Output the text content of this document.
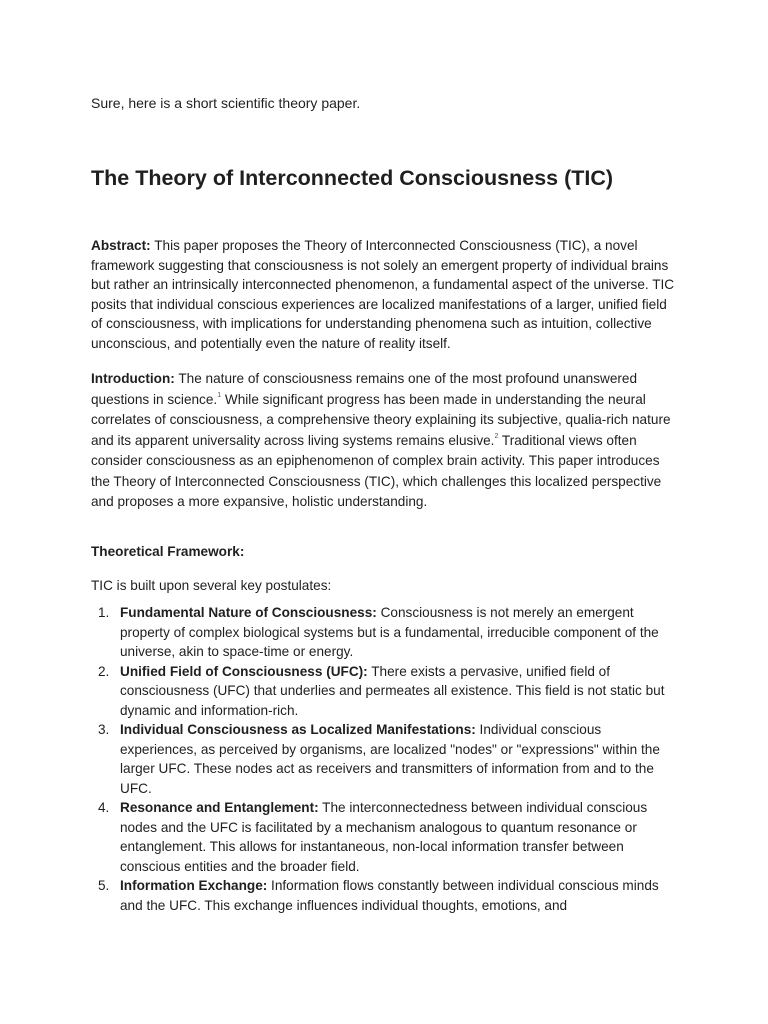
Sure, here is a short scientific theory paper.

The Theory of Interconnected Consciousness (TIC)

Abstract: This paper proposes the Theory of Interconnected Consciousness (TIC), a novel framework suggesting that consciousness is not solely an emergent property of individual brains but rather an intrinsically interconnected phenomenon, a fundamental aspect of the universe. TIC posits that individual conscious experiences are localized manifestations of a larger, unified field of consciousness, with implications for understanding phenomena such as intuition, collective unconscious, and potentially even the nature of reality itself.

Introduction: The nature of consciousness remains one of the most profound unanswered questions in science.$^1$ While significant progress has been made in understanding the neural correlates of consciousness, a comprehensive theory explaining its subjective, qualia-rich nature and its apparent universality across living systems remains elusive.$^2$ Traditional views often consider consciousness as an epiphenomenon of complex brain activity. This paper introduces the Theory of Interconnected Consciousness (TIC), which challenges this localized perspective and proposes a more expansive, holistic understanding.

Theoretical Framework:

TIC is built upon several key postulates:

1. Fundamental Nature of Consciousness: Consciousness is not merely an emergent property of complex biological systems but is a fundamental, irreducible component of the universe, akin to space-time or energy.
2. Unified Field of Consciousness (UFC): There exists a pervasive, unified field of consciousness (UFC) that underlies and permeates all existence. This field is not static but dynamic and information-rich.
3. Individual Consciousness as Localized Manifestations: Individual conscious experiences, as perceived by organisms, are localized "nodes" or "expressions" within the larger UFC. These nodes act as receivers and transmitters of information from and to the UFC.
4. Resonance and Entanglement: The interconnectedness between individual conscious nodes and the UFC is facilitated by a mechanism analogous to quantum resonance or entanglement. This allows for instantaneous, non-local information transfer between conscious entities and the broader field.
5. Information Exchange: Information flows constantly between individual conscious minds and the UFC. This exchange influences individual thoughts, emotions, and
